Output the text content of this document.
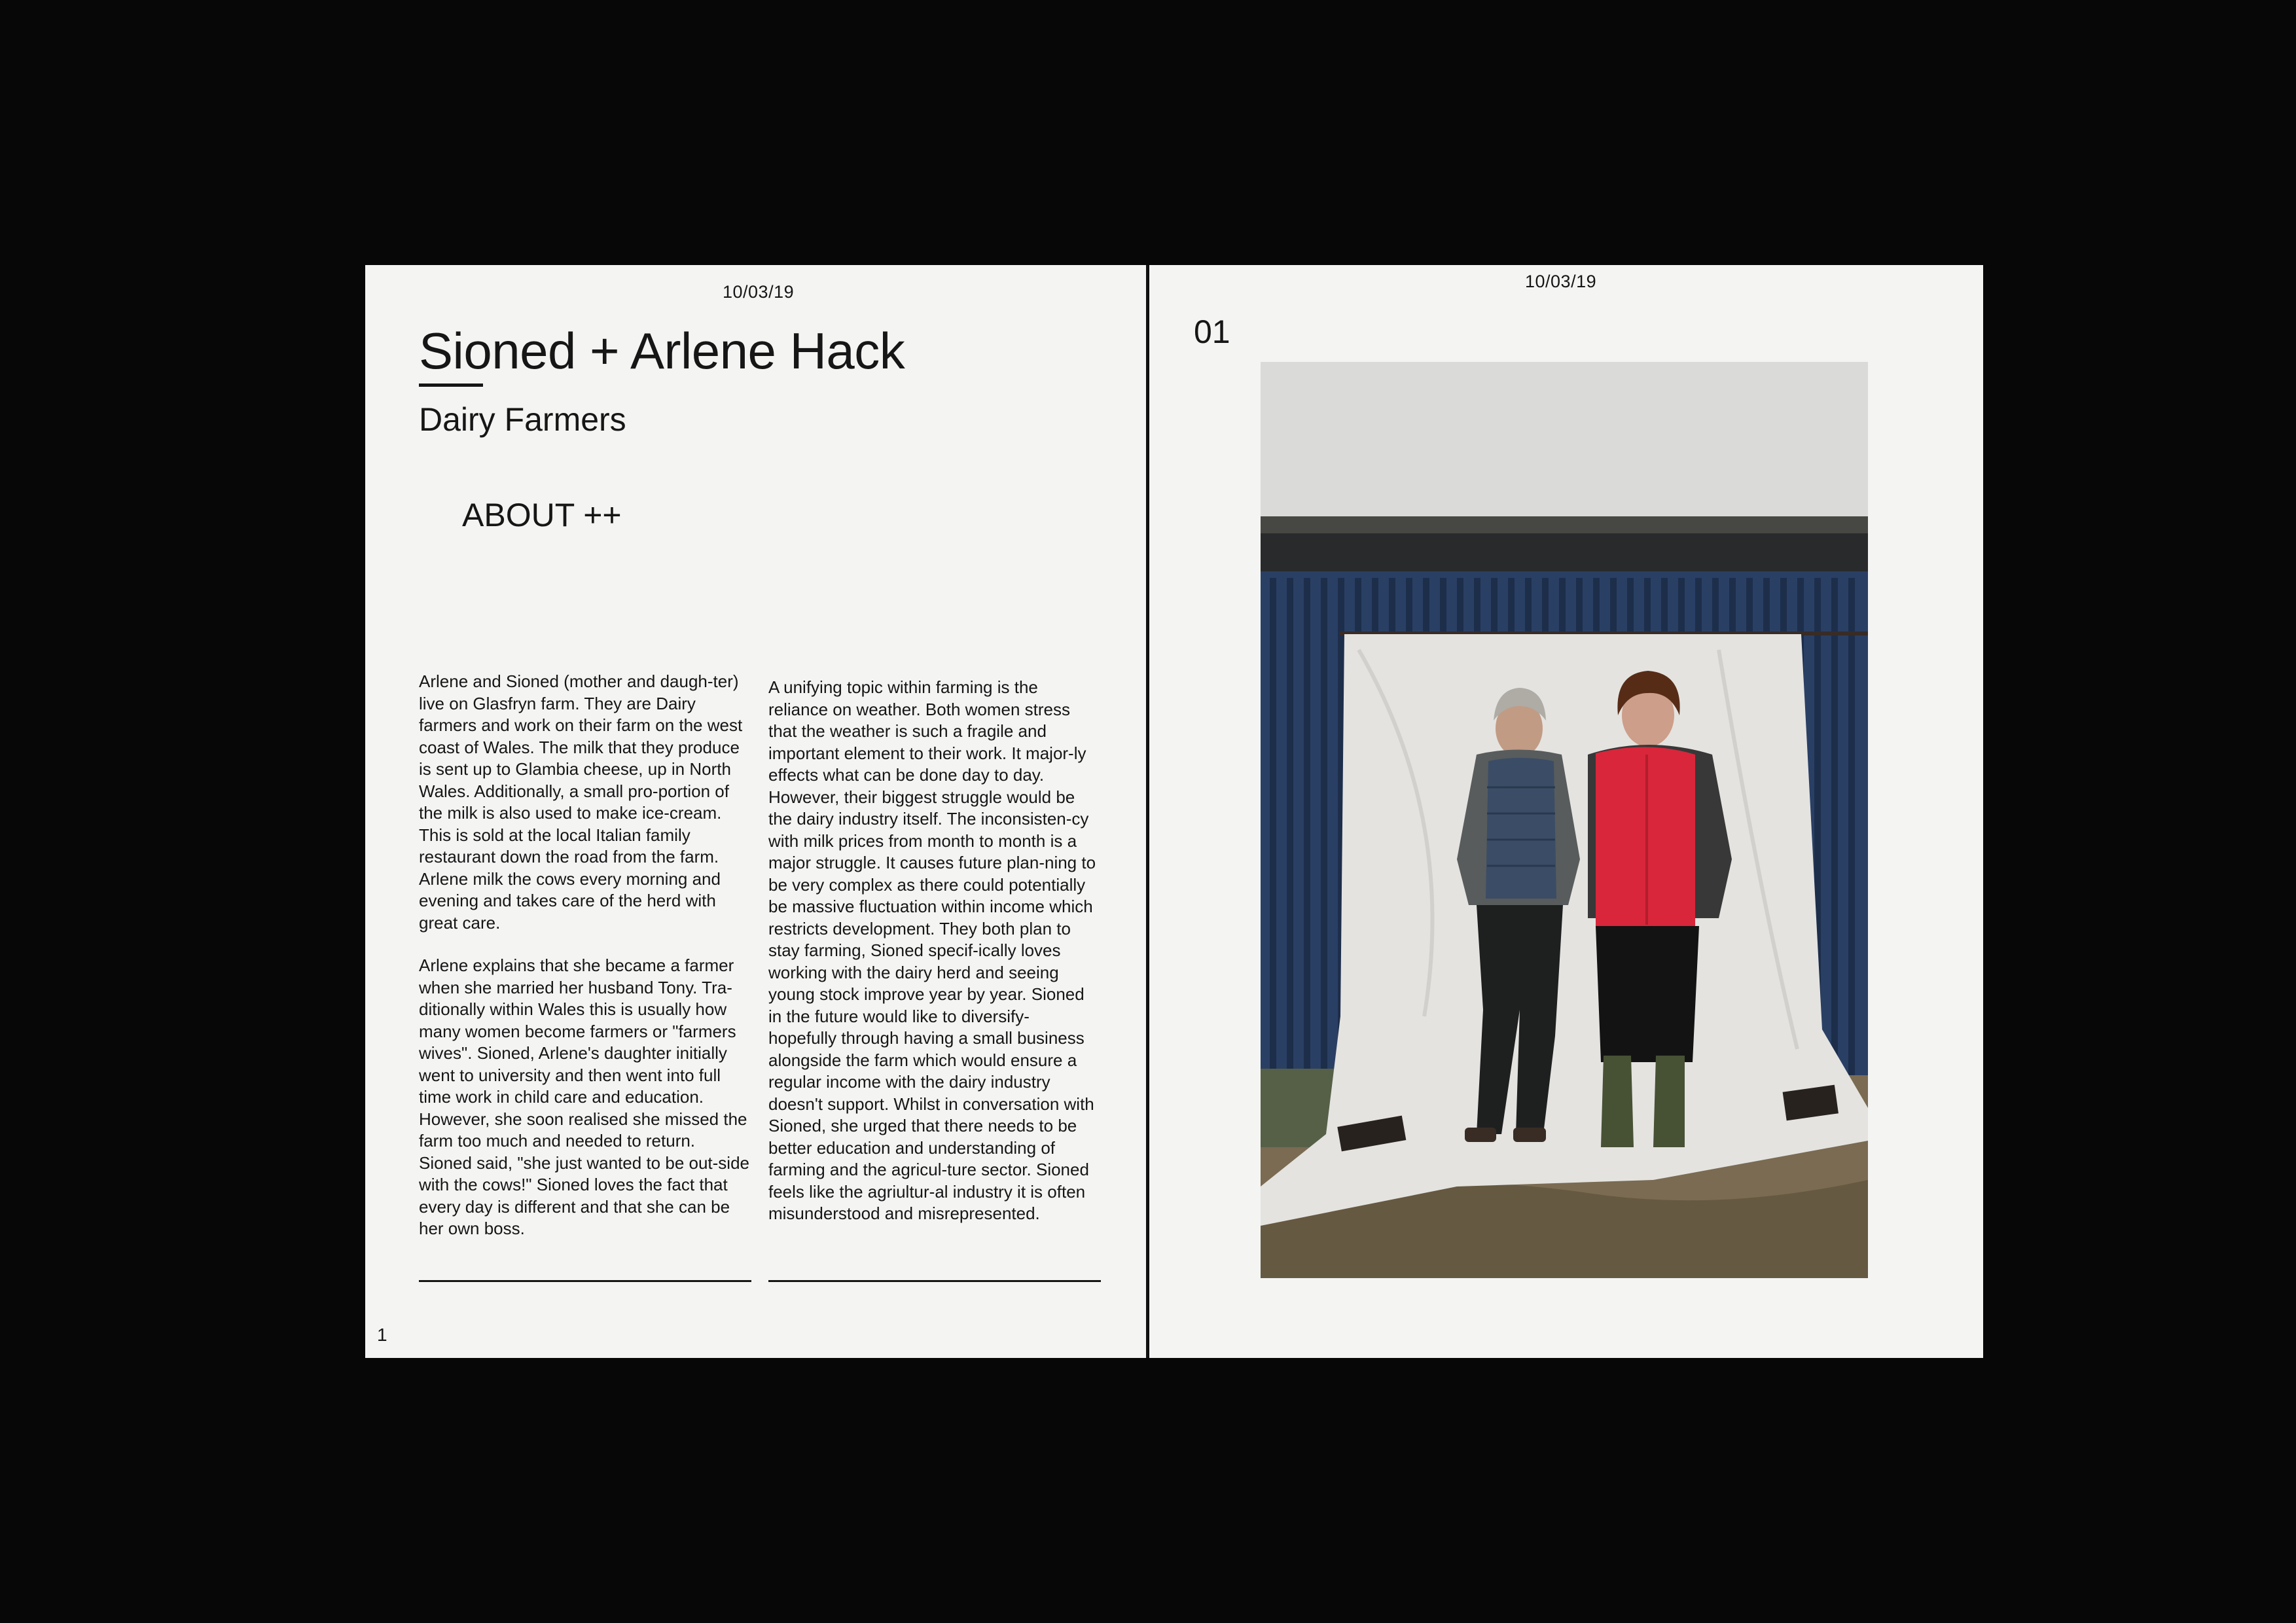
10/03/19
Sioned + Arlene Hack
Dairy Farmers
ABOUT ++

Arlene and Sioned (mother and daugh-ter) live on Glasfryn farm. They are Dairy farmers and work on their farm on the west coast of Wales. The milk that they produce is sent up to Glambia cheese, up in North Wales. Additionally, a small pro-portion of the milk is also used to make ice-cream. This is sold at the local Italian family restaurant down the road from the farm. Arlene milk the cows every morning and evening and takes care of the herd with great care.

Arlene explains that she became a farmer when she married her husband Tony. Tra-ditionally within Wales this is usually how many women become farmers or "farmers wives". Sioned, Arlene's daughter initially went to university and then went into full time work in child care and education. However, she soon realised she missed the farm too much and needed to return. Sioned said, "she just wanted to be out-side with the cows!" Sioned loves the fact that every day is different and that she can be her own boss.

A unifying topic within farming is the reliance on weather. Both women stress that the weather is such a fragile and important element to their work. It major-ly effects what can be done day to day. However, their biggest struggle would be the dairy industry itself. The inconsisten-cy with milk prices from month to month is a major struggle. It causes future plan-ning to be very complex as there could potentially be massive fluctuation within income which restricts development. They both plan to stay farming, Sioned specif-ically loves working with the dairy herd and seeing young stock improve year by year. Sioned in the future would like to diversify- hopefully through having a small business alongside the farm which would ensure a regular income with the dairy industry doesn't support. Whilst in conversation with Sioned, she urged that there needs to be better education and understanding of farming and the agricul-ture sector. Sioned feels like the agriultur-al industry it is often misunderstood and misrepresented.

1
10/03/19
01
